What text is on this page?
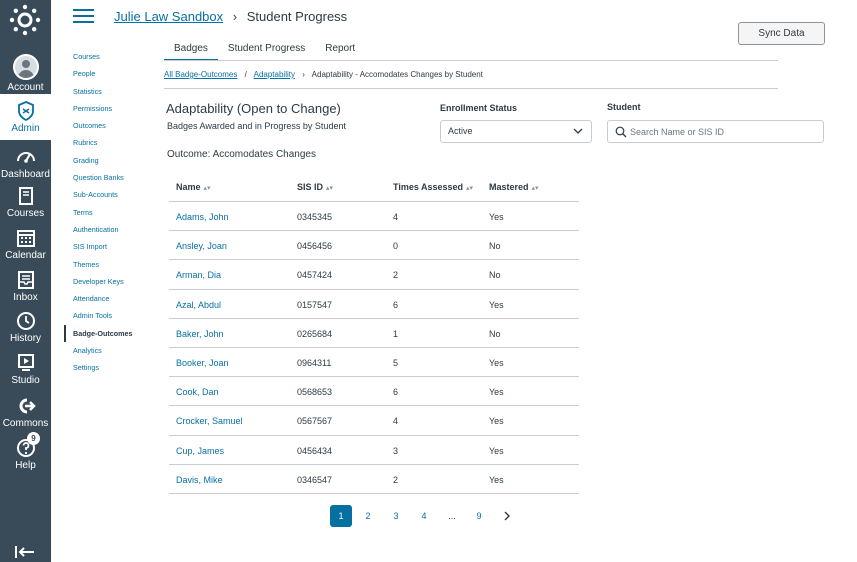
Account
Admin
Dashboard
Courses
Calendar
Inbox
History
Studio
Commons
9
Help
Julie Law Sandbox › Student Progress
Sync Data
Courses
People
Statistics
Permissions
Outcomes
Rubrics
Grading
Question Banks
Sub-Accounts
Terms
Authentication
SIS Import
Themes
Developer Keys
Attendance
Admin Tools
Badge-Outcomes
Analytics
Settings
Badges	Student Progress	Report
All Badge-Outcomes / Adaptability › Adaptability - Accomodates Changes by Student
Adaptability (Open to Change)
Badges Awarded and in Progress by Student
Outcome: Accomodates Changes
Enrollment Status
Active
Student
Search Name or SIS ID
Name ▴▾	SIS ID ▴▾	Times Assessed ▴▾ Mastered ▴▾
Adams, John	0345345	4	Yes
Ansley, Joan	0456456	0	No
Arman, Dia	0457424	2	No
Azal, Abdul	0157547	6	Yes
Baker, John	0265684	1	No
Booker, Joan	0964311	5	Yes
Cook, Dan	0568653	6	Yes
Crocker, Samuel	0567567	4	Yes
Cup, James	0456434	3	Yes
Davis, Mike	0346547	2	Yes
1	2	3	4	...	9
